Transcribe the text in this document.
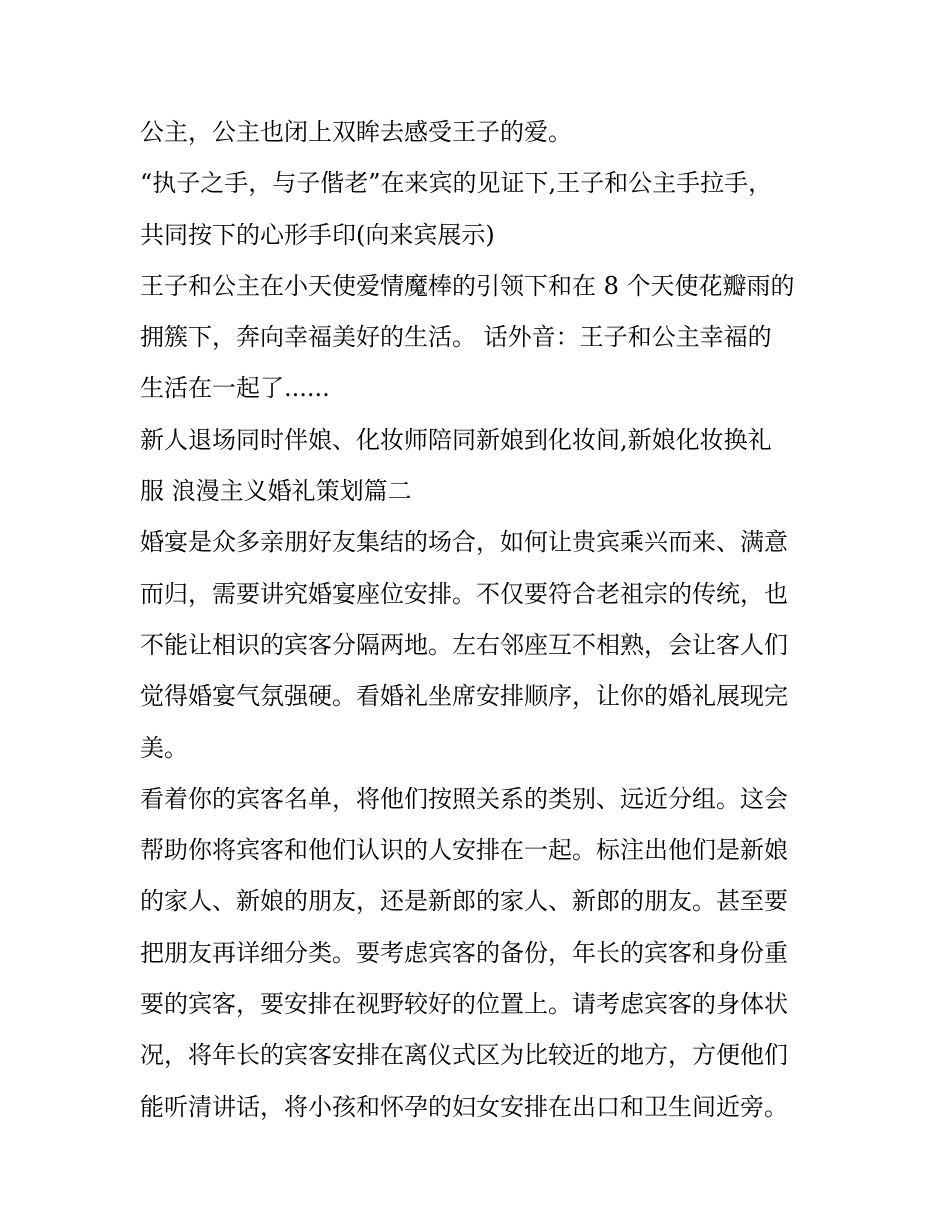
公主，公主也闭上双眸去感受王子的爱。
“执子之手，与子偕老”在来宾的见证下,王子和公主手拉手，
共同按下的心形手印(向来宾展示)
王子和公主在小天使爱情魔棒的引领下和在 8 个天使花瓣雨的
拥簇下，奔向幸福美好的生活。 话外音：王子和公主幸福的
生活在一起了......
新人退场同时伴娘、化妆师陪同新娘到化妆间,新娘化妆换礼
服 浪漫主义婚礼策划篇二
婚宴是众多亲朋好友集结的场合，如何让贵宾乘兴而来、满意
而归，需要讲究婚宴座位安排。不仅要符合老祖宗的传统，也
不能让相识的宾客分隔两地。左右邻座互不相熟，会让客人们
觉得婚宴气氛强硬。看婚礼坐席安排顺序，让你的婚礼展现完
美。
看着你的宾客名单，将他们按照关系的类别、远近分组。这会
帮助你将宾客和他们认识的人安排在一起。标注出他们是新娘
的家人、新娘的朋友，还是新郎的家人、新郎的朋友。甚至要
把朋友再详细分类。要考虑宾客的备份，年长的宾客和身份重
要的宾客，要安排在视野较好的位置上。请考虑宾客的身体状
况，将年长的宾客安排在离仪式区为比较近的地方，方便他们
能听清讲话，将小孩和怀孕的妇女安排在出口和卫生间近旁。
